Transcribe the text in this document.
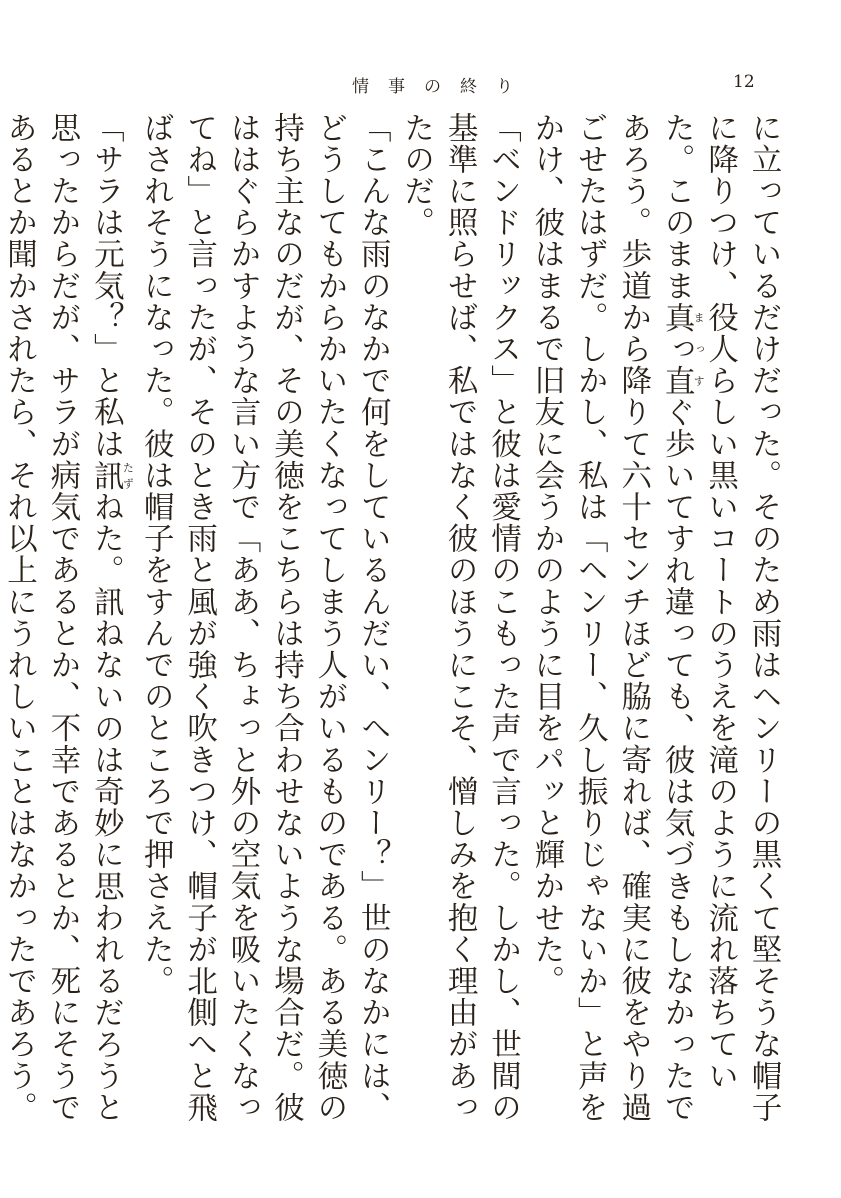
情事の終り	12
に立っているだけだった。そのため雨はヘンリーの黒くて堅そうな帽子に降りつけ、役人らしい黒いコートのうえを滝のように流れ落ちていた。このまま真っ直まっすぐ歩いてすれ違っても、彼は気づきもしなかったであろう。歩道から降りて六十センチほど脇に寄れば、確実に彼をやり過ごせたはずだ。しかし、私は「ヘンリー、久し振りじゃないか」と声をかけ、彼はまるで旧友に会うかのように目をパッと輝かせた。
「ベンドリックス」と彼は愛情のこもった声で言った。しかし、世間の基準に照らせば、私ではなく彼のほうにこそ、憎しみを抱く理由があったのだ。
「こんな雨のなかで何をしているんだい、ヘンリー？」世のなかには、どうしてもからかいたくなってしまう人がいるものである。ある美徳の持ち主なのだが、その美徳をこちらは持ち合わせないような場合だ。彼ははぐらかすような言い方で「ああ、ちょっと外の空気を吸いたくなってね」と言ったが、そのとき雨と風が強く吹きつけ、帽子が北側へと飛ばされそうになった。彼は帽子をすんでのところで押さえた。
「サラは元気？」と私は訊たずねた。訊ねないのは奇妙に思われるだろうと思ったからだが、サラが病気であるとか、不幸であるとか、死にそうであるとか聞かされたら、それ以上にうれしいことはなかったであろう。
